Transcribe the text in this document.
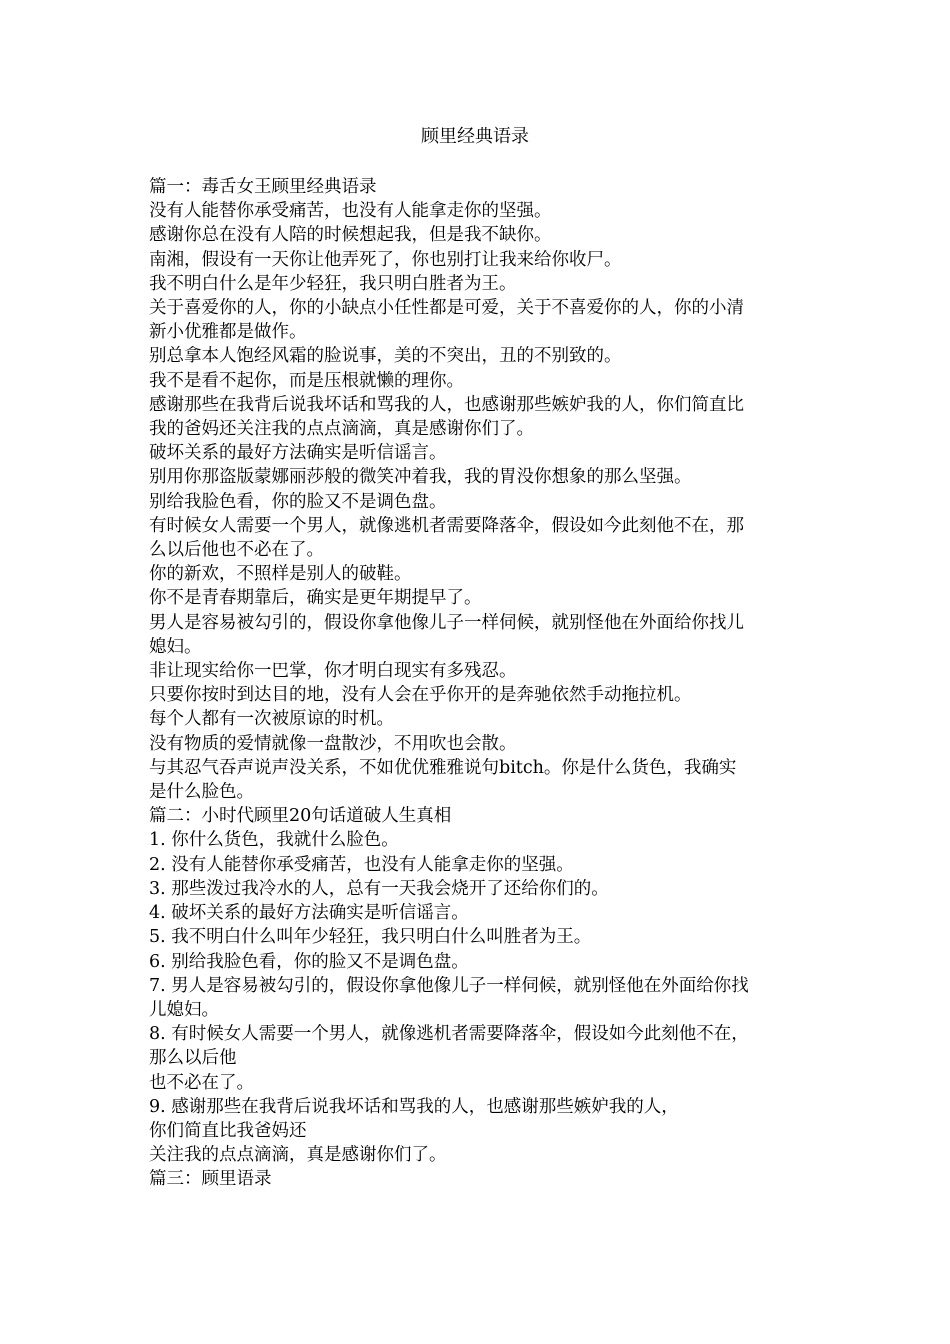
顾里经典语录

篇一：毒舌女王顾里经典语录

没有人能替你承受痛苦，也没有人能拿走你的坚强。

感谢你总在没有人陪的时候想起我，但是我不缺你。

南湘，假设有一天你让他弄死了，你也别打让我来给你收尸。

我不明白什么是年少轻狂，我只明白胜者为王。

关于喜爱你的人，你的小缺点小任性都是可爱，关于不喜爱你的人，你的小清

新小优雅都是做作。

别总拿本人饱经风霜的脸说事，美的不突出，丑的不别致的。

我不是看不起你，而是压根就懒的理你。

感谢那些在我背后说我坏话和骂我的人，也感谢那些嫉妒我的人，你们简直比

我的爸妈还关注我的点点滴滴，真是感谢你们了。

破坏关系的最好方法确实是听信谣言。

别用你那盗版蒙娜丽莎般的微笑冲着我，我的胃没你想象的那么坚强。

别给我脸色看，你的脸又不是调色盘。

有时候女人需要一个男人，就像逃机者需要降落伞，假设如今此刻他不在，那

么以后他也不必在了。

你的新欢，不照样是别人的破鞋。

你不是青春期靠后，确实是更年期提早了。

男人是容易被勾引的，假设你拿他像儿子一样伺候，就别怪他在外面给你找儿

媳妇。

非让现实给你一巴掌，你才明白现实有多残忍。

只要你按时到达目的地，没有人会在乎你开的是奔驰依然手动拖拉机。

每个人都有一次被原谅的时机。

没有物质的爱情就像一盘散沙，不用吹也会散。

与其忍气吞声说声没关系，不如优优雅雅说句bitch。你是什么货色，我确实

是什么脸色。

篇二：小时代顾里20句话道破人生真相

1. 你什么货色，我就什么脸色。

2. 没有人能替你承受痛苦，也没有人能拿走你的坚强。

3. 那些泼过我冷水的人，总有一天我会烧开了还给你们的。

4. 破坏关系的最好方法确实是听信谣言。

5. 我不明白什么叫年少轻狂，我只明白什么叫胜者为王。

6. 别给我脸色看，你的脸又不是调色盘。

7. 男人是容易被勾引的，假设你拿他像儿子一样伺候，就别怪他在外面给你找

儿媳妇。

8. 有时候女人需要一个男人，就像逃机者需要降落伞，假设如今此刻他不在，

那么以后他

也不必在了。

9. 感谢那些在我背后说我坏话和骂我的人，也感谢那些嫉妒我的人，

你们简直比我爸妈还

关注我的点点滴滴，真是感谢你们了。

篇三：顾里语录
